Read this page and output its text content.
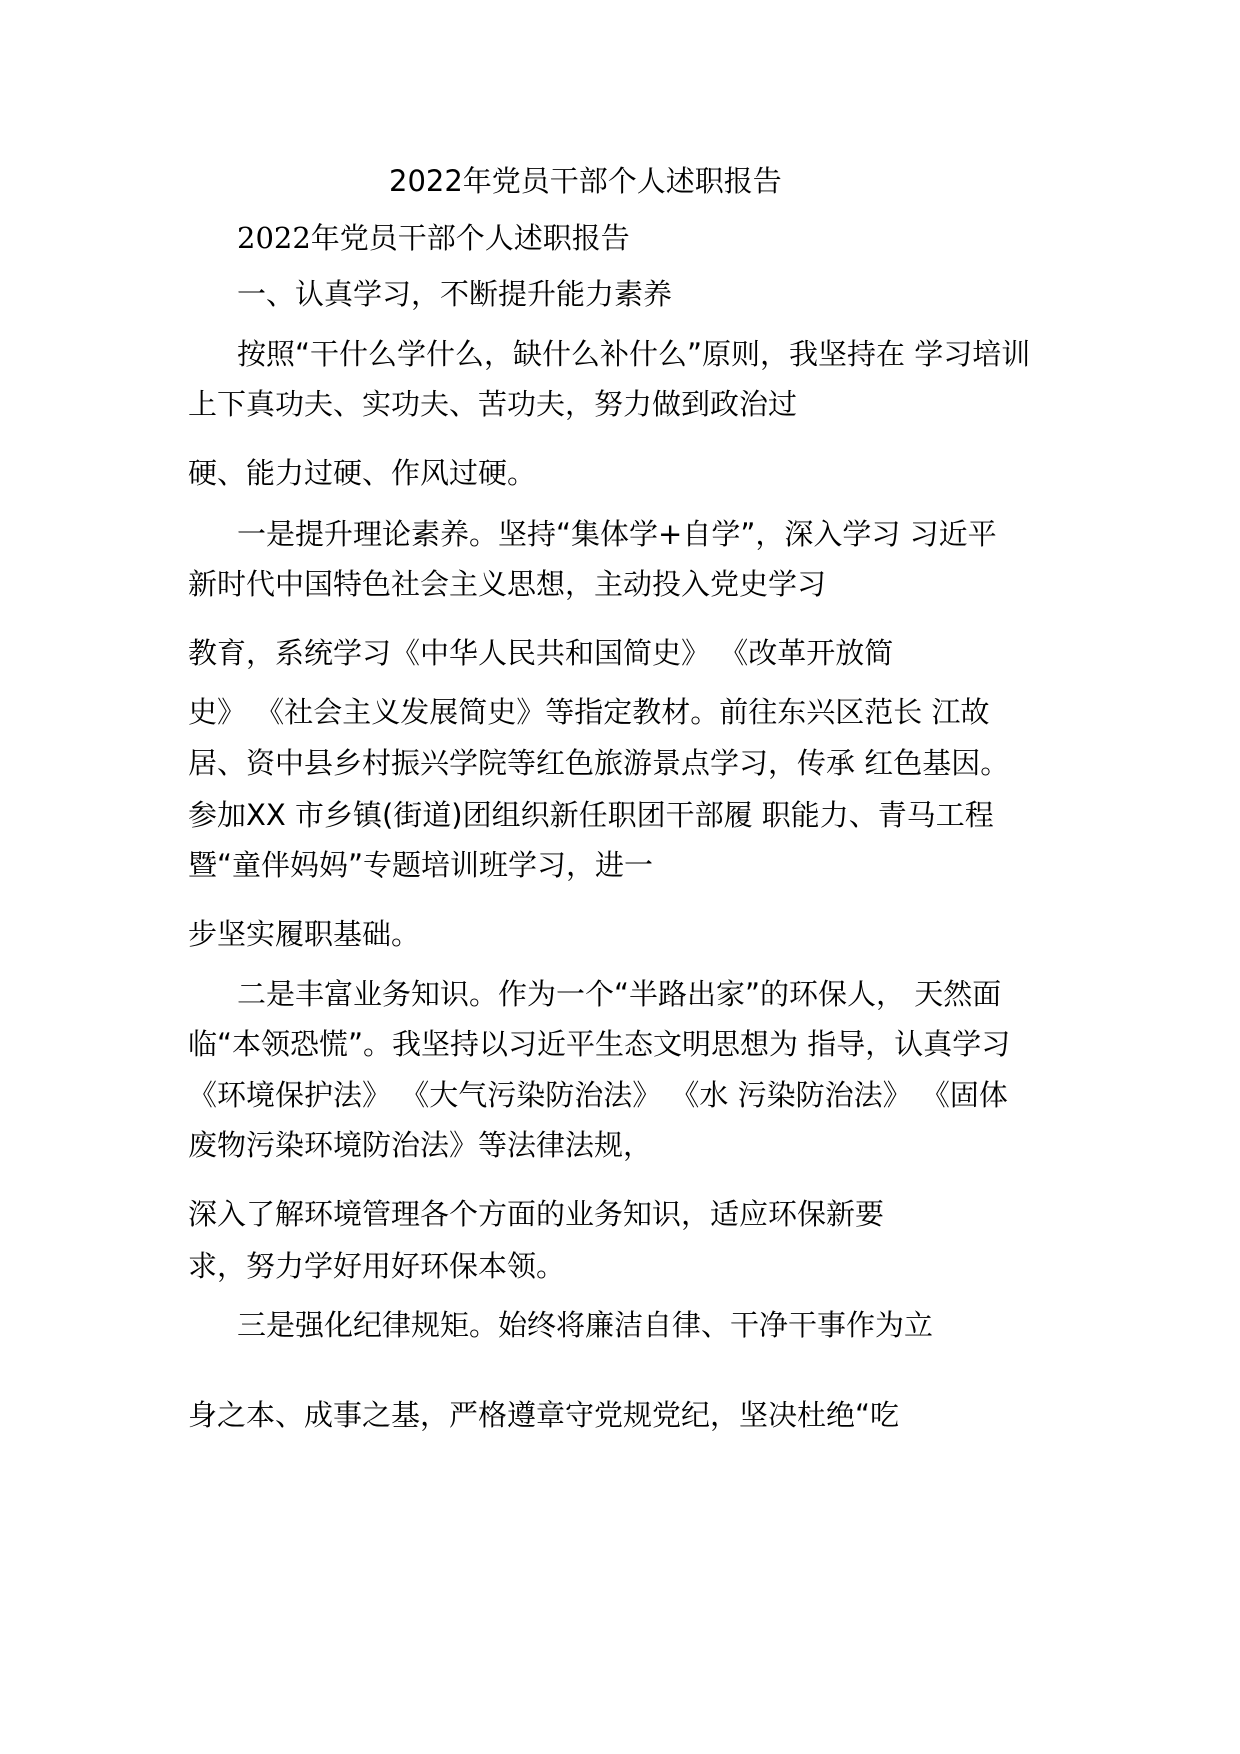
2022年党员干部个人述职报告
2022年党员干部个人述职报告
一、认真学习，不断提升能力素养
按照“干什么学什么，缺什么补什么”原则，我坚持在 学习培训
上下真功夫、实功夫、苦功夫，努力做到政治过
硬、能力过硬、作风过硬。
一是提升理论素养。坚持“集体学+自学”，深入学习 习近平
新时代中国特色社会主义思想，主动投入党史学习
教育，系统学习《中华人民共和国简史》 《改革开放简
史》 《社会主义发展简史》等指定教材。前往东兴区范长 江故
居、资中县乡村振兴学院等红色旅游景点学习，传承 红色基因。
参加XX 市乡镇(街道)团组织新任职团干部履 职能力、青马工程
暨“童伴妈妈”专题培训班学习，进一
步坚实履职基础。
二是丰富业务知识。作为一个“半路出家”的环保人， 天然面
临“本领恐慌”。我坚持以习近平生态文明思想为 指导，认真学习
《环境保护法》 《大气污染防治法》 《水 污染防治法》 《固体
废物污染环境防治法》等法律法规，
深入了解环境管理各个方面的业务知识，适应环保新要
求，努力学好用好环保本领。
三是强化纪律规矩。始终将廉洁自律、干净干事作为立
身之本、成事之基，严格遵章守党规党纪，坚决杜绝“吃
